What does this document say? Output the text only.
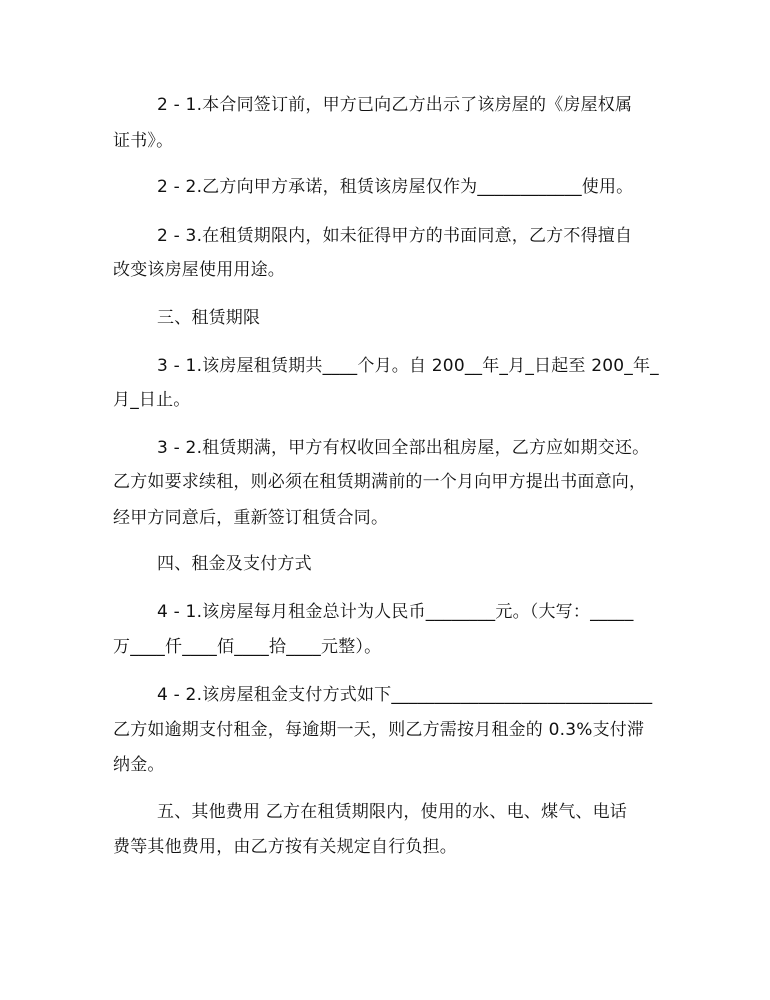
2 - 1.本合同签订前，甲方已向乙方出示了该房屋的《房屋权属
证书》。
2 - 2.乙方向甲方承诺，租赁该房屋仅作为____________使用。
2 - 3.在租赁期限内，如未征得甲方的书面同意，乙方不得擅自
改变该房屋使用用途。
三、租赁期限
3 - 1.该房屋租赁期共____个月。自 200__年_月_日起至 200_年_
月_日止。
3 - 2.租赁期满，甲方有权收回全部出租房屋，乙方应如期交还。
乙方如要求续租，则必须在租赁期满前的一个月向甲方提出书面意向，
经甲方同意后，重新签订租赁合同。
四、租金及支付方式
4 - 1.该房屋每月租金总计为人民币________元。（大写：_____
万____仟____佰____拾____元整）。
4 - 2.该房屋租金支付方式如下______________________________
乙方如逾期支付租金，每逾期一天，则乙方需按月租金的 0.3%支付滞
纳金。
五、其他费用 乙方在租赁期限内，使用的水、电、煤气、电话
费等其他费用，由乙方按有关规定自行负担。
